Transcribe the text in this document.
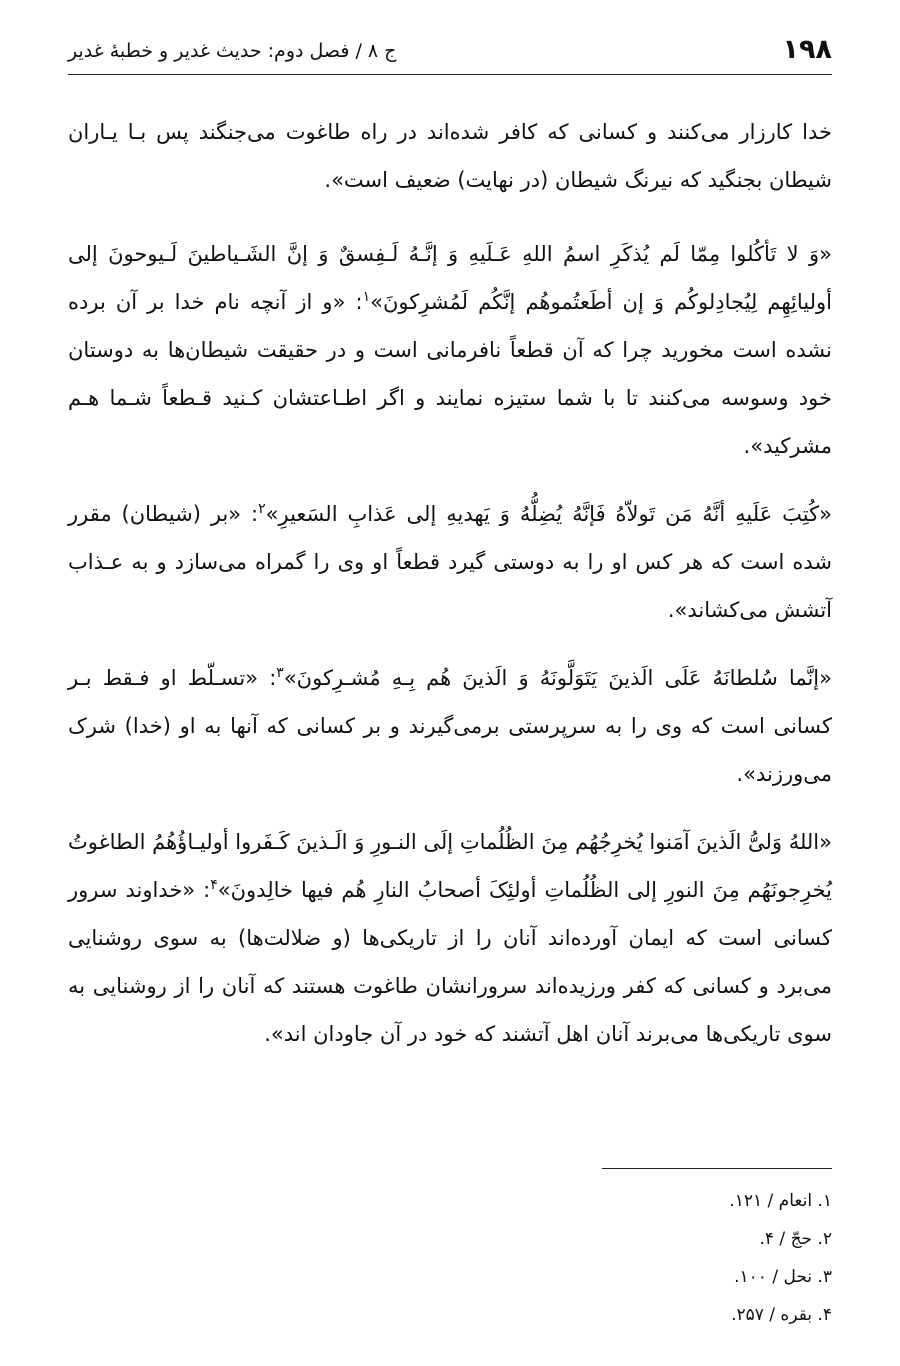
۱۹۸
ج ۸ / فصل دوم: حدیث غدیر و خطبهٔ غدیر

خدا کارزار می‌کنند و کسانی که کافر شده‌اند در راه طاغوت می‌جنگند پس بـا یـاران شیطان بجنگید که نیرنگ شیطان (در نهایت) ضعیف است».

«وَ لا تَأکُلوا مِمّا لَم یُذکَرِ اسمُ اللهِ عَـلَیهِ وَ إنَّـهُ لَـفِسقٌ وَ إنَّ الشَـیاطینَ لَـیوحونَ إلی أولیائِهِم لِیُجادِلوکُم وَ إن أطَعتُموهُم إنَّکُم لَمُشرِکونَ»$^۱$: «و از آنچه نام خدا بر آن برده نشده است مخورید چرا که آن قطعاً نافرمانی است و در حقیقت شیطان‌ها به دوستان خود وسوسه می‌کنند تا با شما ستیزه نمایند و اگر اطـاعتشان کـنید قـطعاً شـما هـم مشرکید».

«کُتِبَ عَلَیهِ أنَّهُ مَن تَولاّهُ فَإنَّهُ یُضِلُّهُ وَ یَهدیهِ إلی عَذابِ السَعیرِ»$^۲$: «بر (شیطان) مقرر شده است که هر کس او را به دوستی گیرد قطعاً او وی را گمراه می‌سازد و به عـذاب آتشش می‌کشاند».

«إنَّما سُلطانَهُ عَلَی الَذینَ یَتَوَلَّونَهُ وَ الَذینَ هُم بِـهِ مُشـرِکونَ»$^۳$: «تسـلّط او فـقط بـر کسانی است که وی را به سرپرستی برمی‌گیرند و بر کسانی که آنها به او (خدا) شرک می‌ورزند».

«اللهُ وَلیُّ الَذینَ آمَنوا یُخرِجُهُم مِنَ الظُلُماتِ إلَی النـورِ وَ الَـذینَ کَـفَروا أولیـاؤُهُمُ الطاغوتُ یُخرِجونَهُم مِنَ النورِ إلی الظُلُماتِ أولئِکَ أصحابُ النارِ هُم فیها خالِدونَ»$^۴$: «خداوند سرور کسانی است که ایمان آورده‌اند آنان را از تاریکی‌ها (و ضلالت‌ها) به سوی روشنایی می‌برد و کسانی که کفر ورزیده‌اند سرورانشان طاغوت هستند که آنان را از روشنایی به سوی تاریکی‌ها می‌برند آنان اهل آتشند که خود در آن جاودان اند».

۱. انعام / ۱۲۱.
۲. حجّ / ۴.
۳. نحل / ۱۰۰.
۴. بقره / ۲۵۷.
